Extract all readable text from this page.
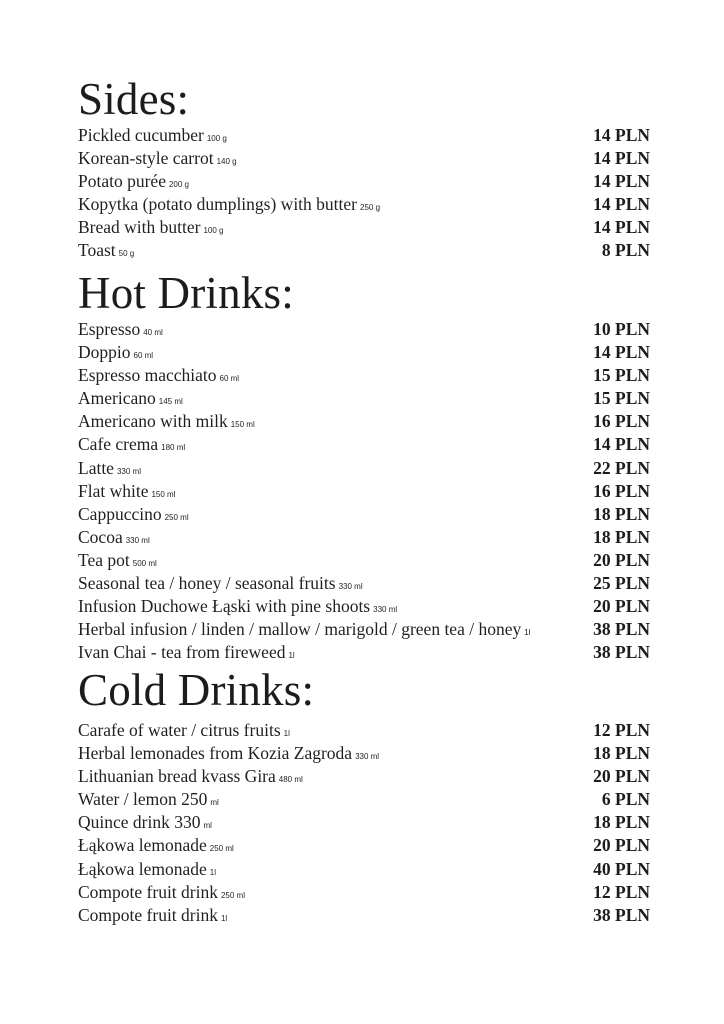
Sides:
Pickled cucumber 100 g	14 PLN
Korean-style carrot 140 g	14 PLN
Potato purée 200 g	14 PLN
Kopytka (potato dumplings) with butter 250 g	14 PLN
Bread with butter 100 g	14 PLN
Toast 50 g	8 PLN
Hot Drinks:
Espresso 40 ml	10 PLN
Doppio 60 ml	14 PLN
Espresso macchiato 60 ml	15 PLN
Americano 145 ml	15 PLN
Americano with milk 150 ml	16 PLN
Cafe crema 180 ml	14 PLN
Latte 330 ml	22 PLN
Flat white 150 ml	16 PLN
Cappuccino 250 ml	18 PLN
Cocoa 330 ml	18 PLN
Tea pot 500 ml	20 PLN
Seasonal tea / honey / seasonal fruits 330 ml	25 PLN
Infusion Duchowe Łąski with pine shoots 330 ml	20 PLN
Herbal infusion / linden / mallow / marigold / green tea / honey 1l	38 PLN
Ivan Chai - tea from fireweed 1l	38 PLN
Cold Drinks:
Carafe of water / citrus fruits 1l	12 PLN
Herbal lemonades from Kozia Zagroda 330 ml	18 PLN
Lithuanian bread kvass Gira 480 ml	20 PLN
Water / lemon 250 ml	6 PLN
Quince drink 330 ml	18 PLN
Łąkowa lemonade 250 ml	20 PLN
Łąkowa lemonade 1l	40 PLN
Compote fruit drink 250 ml	12 PLN
Compote fruit drink 1l	38 PLN
